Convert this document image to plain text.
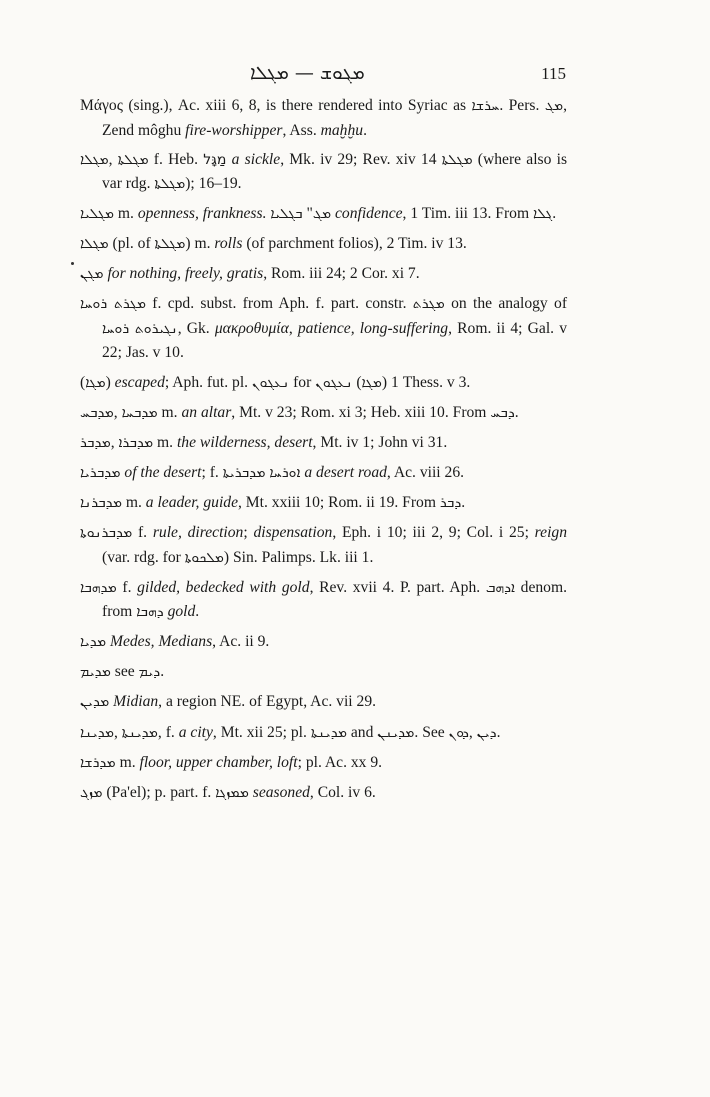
ܡܓܘܫ — ܡܓܠܐ	115

Μάγος (sing.), Ac. xiii 6, 8, is there rendered into Syriac as ܚܪܫܐ. Pers. ܡܓ, Zend môghu fire-worshipper, Ass. maḫḫu.

ܡܓܠܐ, ܡܓܠܬܐ f. Heb. מַגָּל a sickle, Mk. iv 29; Rev. xiv 14 ܡܓܠܬܐ (where also is var rdg. ܡܓܠܬܐ); 16–19.

ܡܓܠܝܐ m. openness, frankness. ܒܓܠܝܐ "ܡܓ confidence, 1 Tim. iii 13. From ܓܠܐ.

ܡܓܠܐ (pl. of ܡܓܠܬܐ) m. rolls (of parchment folios), 2 Tim. iv 13.

ܡܓܢ for nothing, freely, gratis, Rom. iii 24; 2 Cor. xi 7.

ܡܓܪܬ ܪܘܚܐ f. cpd. subst. from Aph. f. part. constr. ܡܓܪܬ on the analogy of ܢܓܝܪܘܬ ܪܘܚܐ, Gk. μακροθυμία, patience, long-suffering, Rom. ii 4; Gal. v 22; Jas. v 10.

(ܡܓܐ) escaped; Aph. fut. pl. ܢܥܓܘܢ for ܢܥܓܘܢ (ܡܓܐ) 1 Thess. v 3.

ܡܕܒܚ, ܡܕܒܚܐ m. an altar, Mt. v 23; Rom. xi 3; Heb. xiii 10. From ܕܒܚ.

ܡܕܒܪ, ܡܕܒܪܐ m. the wilderness, desert, Mt. iv 1; John vi 31.

ܡܕܒܪܝܐ of the desert; f. ܡܕܒܪܝܬܐ ܐܘܪܚܐ a desert road, Ac. viii 26.

ܡܕܒܪܢܐ m. a leader, guide, Mt. xxiii 10; Rom. ii 19. From ܕܒܪ.

ܡܕܒܪܢܘܬܐ f. rule, direction; dispensation, Eph. i 10; iii 2, 9; Col. i 25; reign (var. rdg. for ܡܠܟܘܬܐ) Sin. Palimps. Lk. iii 1.

ܡܕܗܒܐ f. gilded, bedecked with gold, Rev. xvii 4. P. part. Aph. ܐܕܗܒ denom. from ܕܗܒܐ gold.

ܡܕܝܐ Medes, Medians, Ac. ii 9.

ܡܕܝܡ see ܕܝܡ.

ܡܕܝܢ Midian, a region NE. of Egypt, Ac. vii 29.

ܡܕܝܢܐ, ܡܕܝܢܬܐ, f. a city, Mt. xii 25; pl. ܡܕܝܢܬܐ and ܡܕܝܢܢ. See ܕܘܢ, ܕܝܢ.

ܡܕܪܫܐ m. floor, upper chamber, loft; pl. Ac. xx 9.

ܡܙܓ (Pa'el); p. part. f. ܡܡܙܓܐ seasoned, Col. iv 6.
